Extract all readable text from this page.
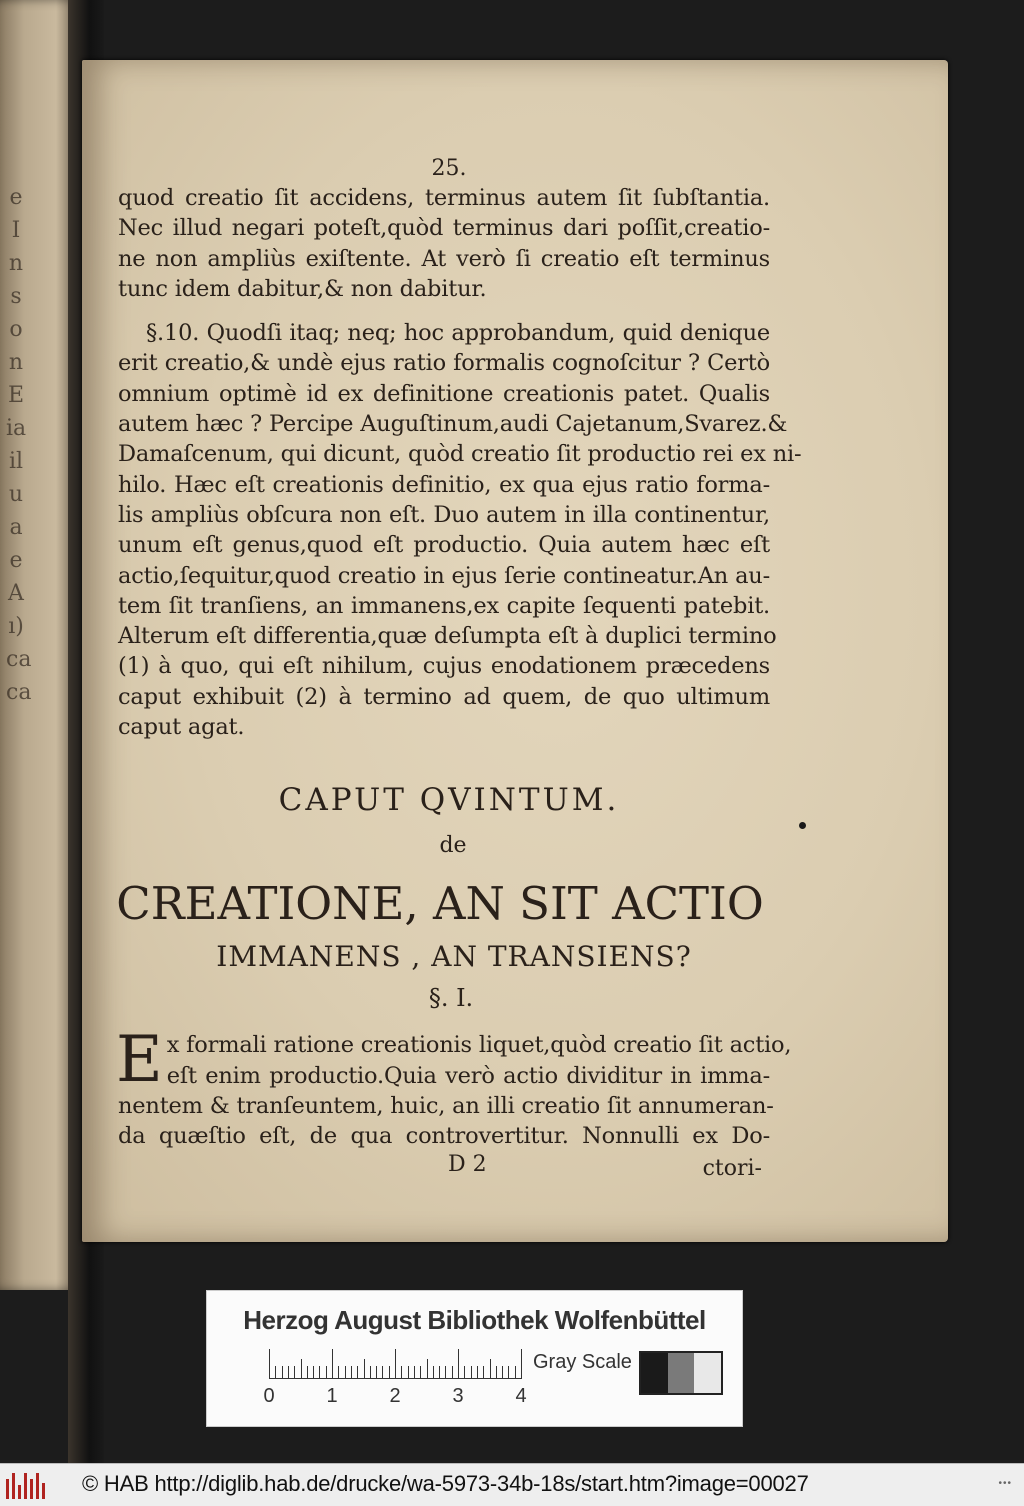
e
I
n
s
o
n
E
ia
il
u
a
e
A
ı)
ca
ca
25.
quod creatio ſit accidens, terminus autem ſit ſubſtantia.
Nec illud negari poteſt,quòd terminus dari poſſit,creatio-
ne non ampliùs exiſtente. At verò ſi creatio eſt terminus
tunc idem dabitur,& non dabitur.
§.10. Quodſi itaq; neq; hoc approbandum, quid denique
erit creatio,& undè ejus ratio formalis cognoſcitur ? Certò
omnium optimè id ex definitione creationis patet. Qualis
autem hæc ? Percipe Auguſtinum,audi Cajetanum,Svarez.&
Damaſcenum, qui dicunt, quòd creatio ſit productio rei ex ni-
hilo. Hæc eſt creationis definitio, ex qua ejus ratio forma-
lis ampliùs obſcura non eſt. Duo autem in illa continentur,
unum eſt genus,quod eſt productio. Quia autem hæc eſt
actio,ſequitur,quod creatio in ejus ſerie contineatur.An au-
tem ſit tranſiens, an immanens,ex capite ſequenti patebit.
Alterum eſt differentia,quæ deſumpta eſt à duplici termino
(1) à quo, qui eſt nihilum, cujus enodationem præcedens
caput exhibuit (2) à termino ad quem, de quo ultimum
caput agat.
CAPUT QVINTUM.
de
CREATIONE, AN SIT ACTIO
IMMANENS , AN TRANSIENS?
§. I.
E x formali ratione creationis liquet,quòd creatio ſit actio,
eſt enim productio.Quia verò actio dividitur in imma-
nentem & tranſeuntem, huic, an illi creatio ſit annumeran-
da quæſtio eſt, de qua controvertitur. Nonnulli ex Do-
D 2	ctori-
Herzog August Bibliothek Wolfenbüttel
0	1	2	3	4
Gray Scale
© HAB http://diglib.hab.de/drucke/wa-5973-34b-18s/start.htm?image=00027	•••
